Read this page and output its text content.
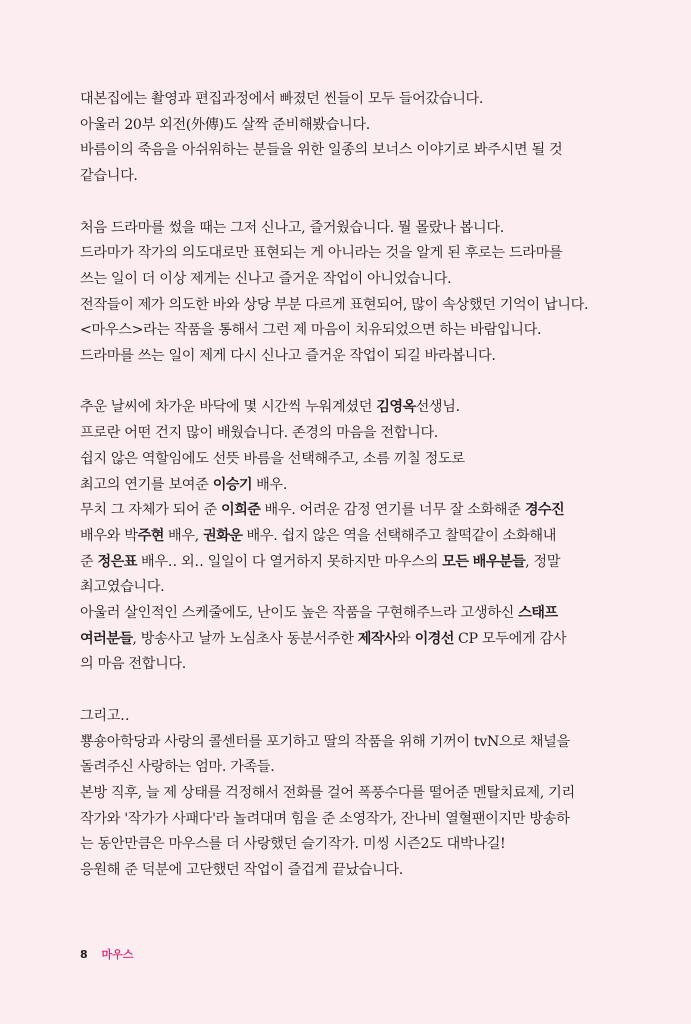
대본집에는 촬영과 편집과정에서 빠졌던 씬들이 모두 들어갔습니다.
아울러 20부 외전(外傳)도 살짝 준비해봤습니다.
바름이의 죽음을 아쉬워하는 분들을 위한 일종의 보너스 이야기로 봐주시면 될 것
같습니다.
처음 드라마를 썼을 때는 그저 신나고, 즐거웠습니다. 뭘 몰랐나 봅니다.
드라마가 작가의 의도대로만 표현되는 게 아니라는 것을 알게 된 후로는 드라마를
쓰는 일이 더 이상 제게는 신나고 즐거운 작업이 아니었습니다.
전작들이 제가 의도한 바와 상당 부분 다르게 표현되어, 많이 속상했던 기억이 납니다.
<마우스>라는 작품을 통해서 그런 제 마음이 치유되었으면 하는 바람입니다.
드라마를 쓰는 일이 제게 다시 신나고 즐거운 작업이 되길 바라봅니다.
추운 날씨에 차가운 바닥에 몇 시간씩 누워계셨던 김영옥선생님.
프로란 어떤 건지 많이 배웠습니다. 존경의 마음을 전합니다.
쉽지 않은 역할임에도 선뜻 바름을 선택해주고, 소름 끼칠 정도로
최고의 연기를 보여준 이승기 배우.
무치 그 자체가 되어 준 이희준 배우. 어려운 감정 연기를 너무 잘 소화해준 경수진
배우와 박주현 배우, 권화운 배우. 쉽지 않은 역을 선택해주고 찰떡같이 소화해내
준 정은표 배우‥ 외‥ 일일이 다 열거하지 못하지만 마우스의 모든 배우분들, 정말
최고였습니다.
아울러 살인적인 스케줄에도, 난이도 높은 작품을 구현해주느라 고생하신 스태프
여러분들, 방송사고 날까 노심초사 동분서주한 제작사와 이경선 CP 모두에게 감사
의 마음 전합니다.
그리고‥
뿅숑아학당과 사랑의 콜센터를 포기하고 딸의 작품을 위해 기꺼이 tvN으로 채널을
돌려주신 사랑하는 엄마. 가족들.
본방 직후, 늘 제 상태를 걱정해서 전화를 걸어 폭풍수다를 떨어준 멘탈치료제, 기리
작가와 '작가가 사패다'라 놀려대며 힘을 준 소영작가, 잔나비 열혈팬이지만 방송하
는 동안만큼은 마우스를 더 사랑했던 슬기작가. 미씽 시즌2도 대박나길!
응원해 준 덕분에 고단했던 작업이 즐겁게 끝났습니다.
8 마우스
